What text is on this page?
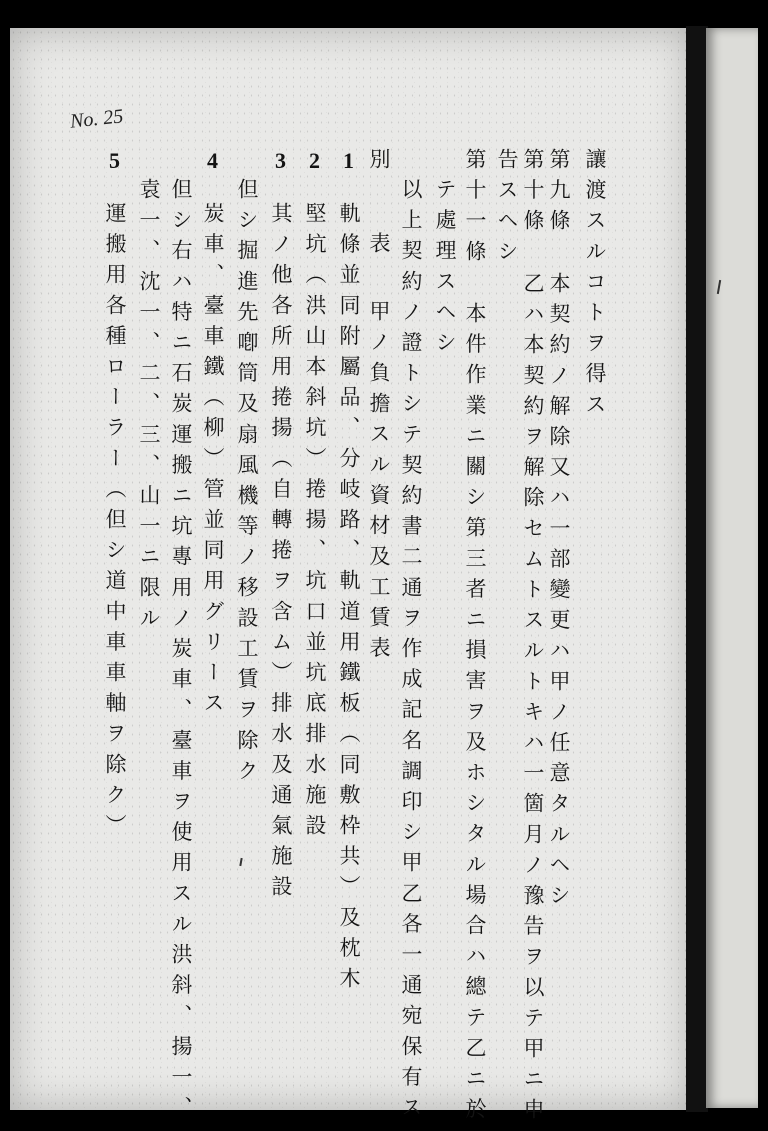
No. 25
讓渡スルコトヲ得ス
第九條
本契約ノ解除又ハ一部變更ハ甲ノ任意タルヘシ
第十條
乙ハ本契約ヲ解除セムトスルトキハ一箇月ノ豫告ヲ以テ甲ニ申
告スヘシ
第十一條
本件作業ニ關シ第三者ニ損害ヲ及ホシタル場合ハ總テ乙ニ於
テ處理スヘシ
以上契約ノ證トシテ契約書二通ヲ作成記名調印シ甲乙各一通宛保有ス
別
表
甲ノ負擔スル資材及工賃表
1
軌條並同附屬品、分岐路、軌道用鐵板（同敷枠共）及枕木
2
堅坑（洪山本斜坑）捲揚、坑口並坑底排水施設
3
其ノ他各所用捲揚（自轉捲ヲ含ム）排水及通氣施設
但シ掘進先喞筒及扇風機等ノ移設工賃ヲ除ク
4
炭車、臺車鐵（柳）管並同用グリース
但シ右ハ特ニ石炭運搬ニ坑專用ノ炭車、臺車ヲ使用スル洪斜、揚一、
袁一、沈一、二、三、山一ニ限ル
5
運搬用各種ローラー（但シ道中車車軸ヲ除ク）
